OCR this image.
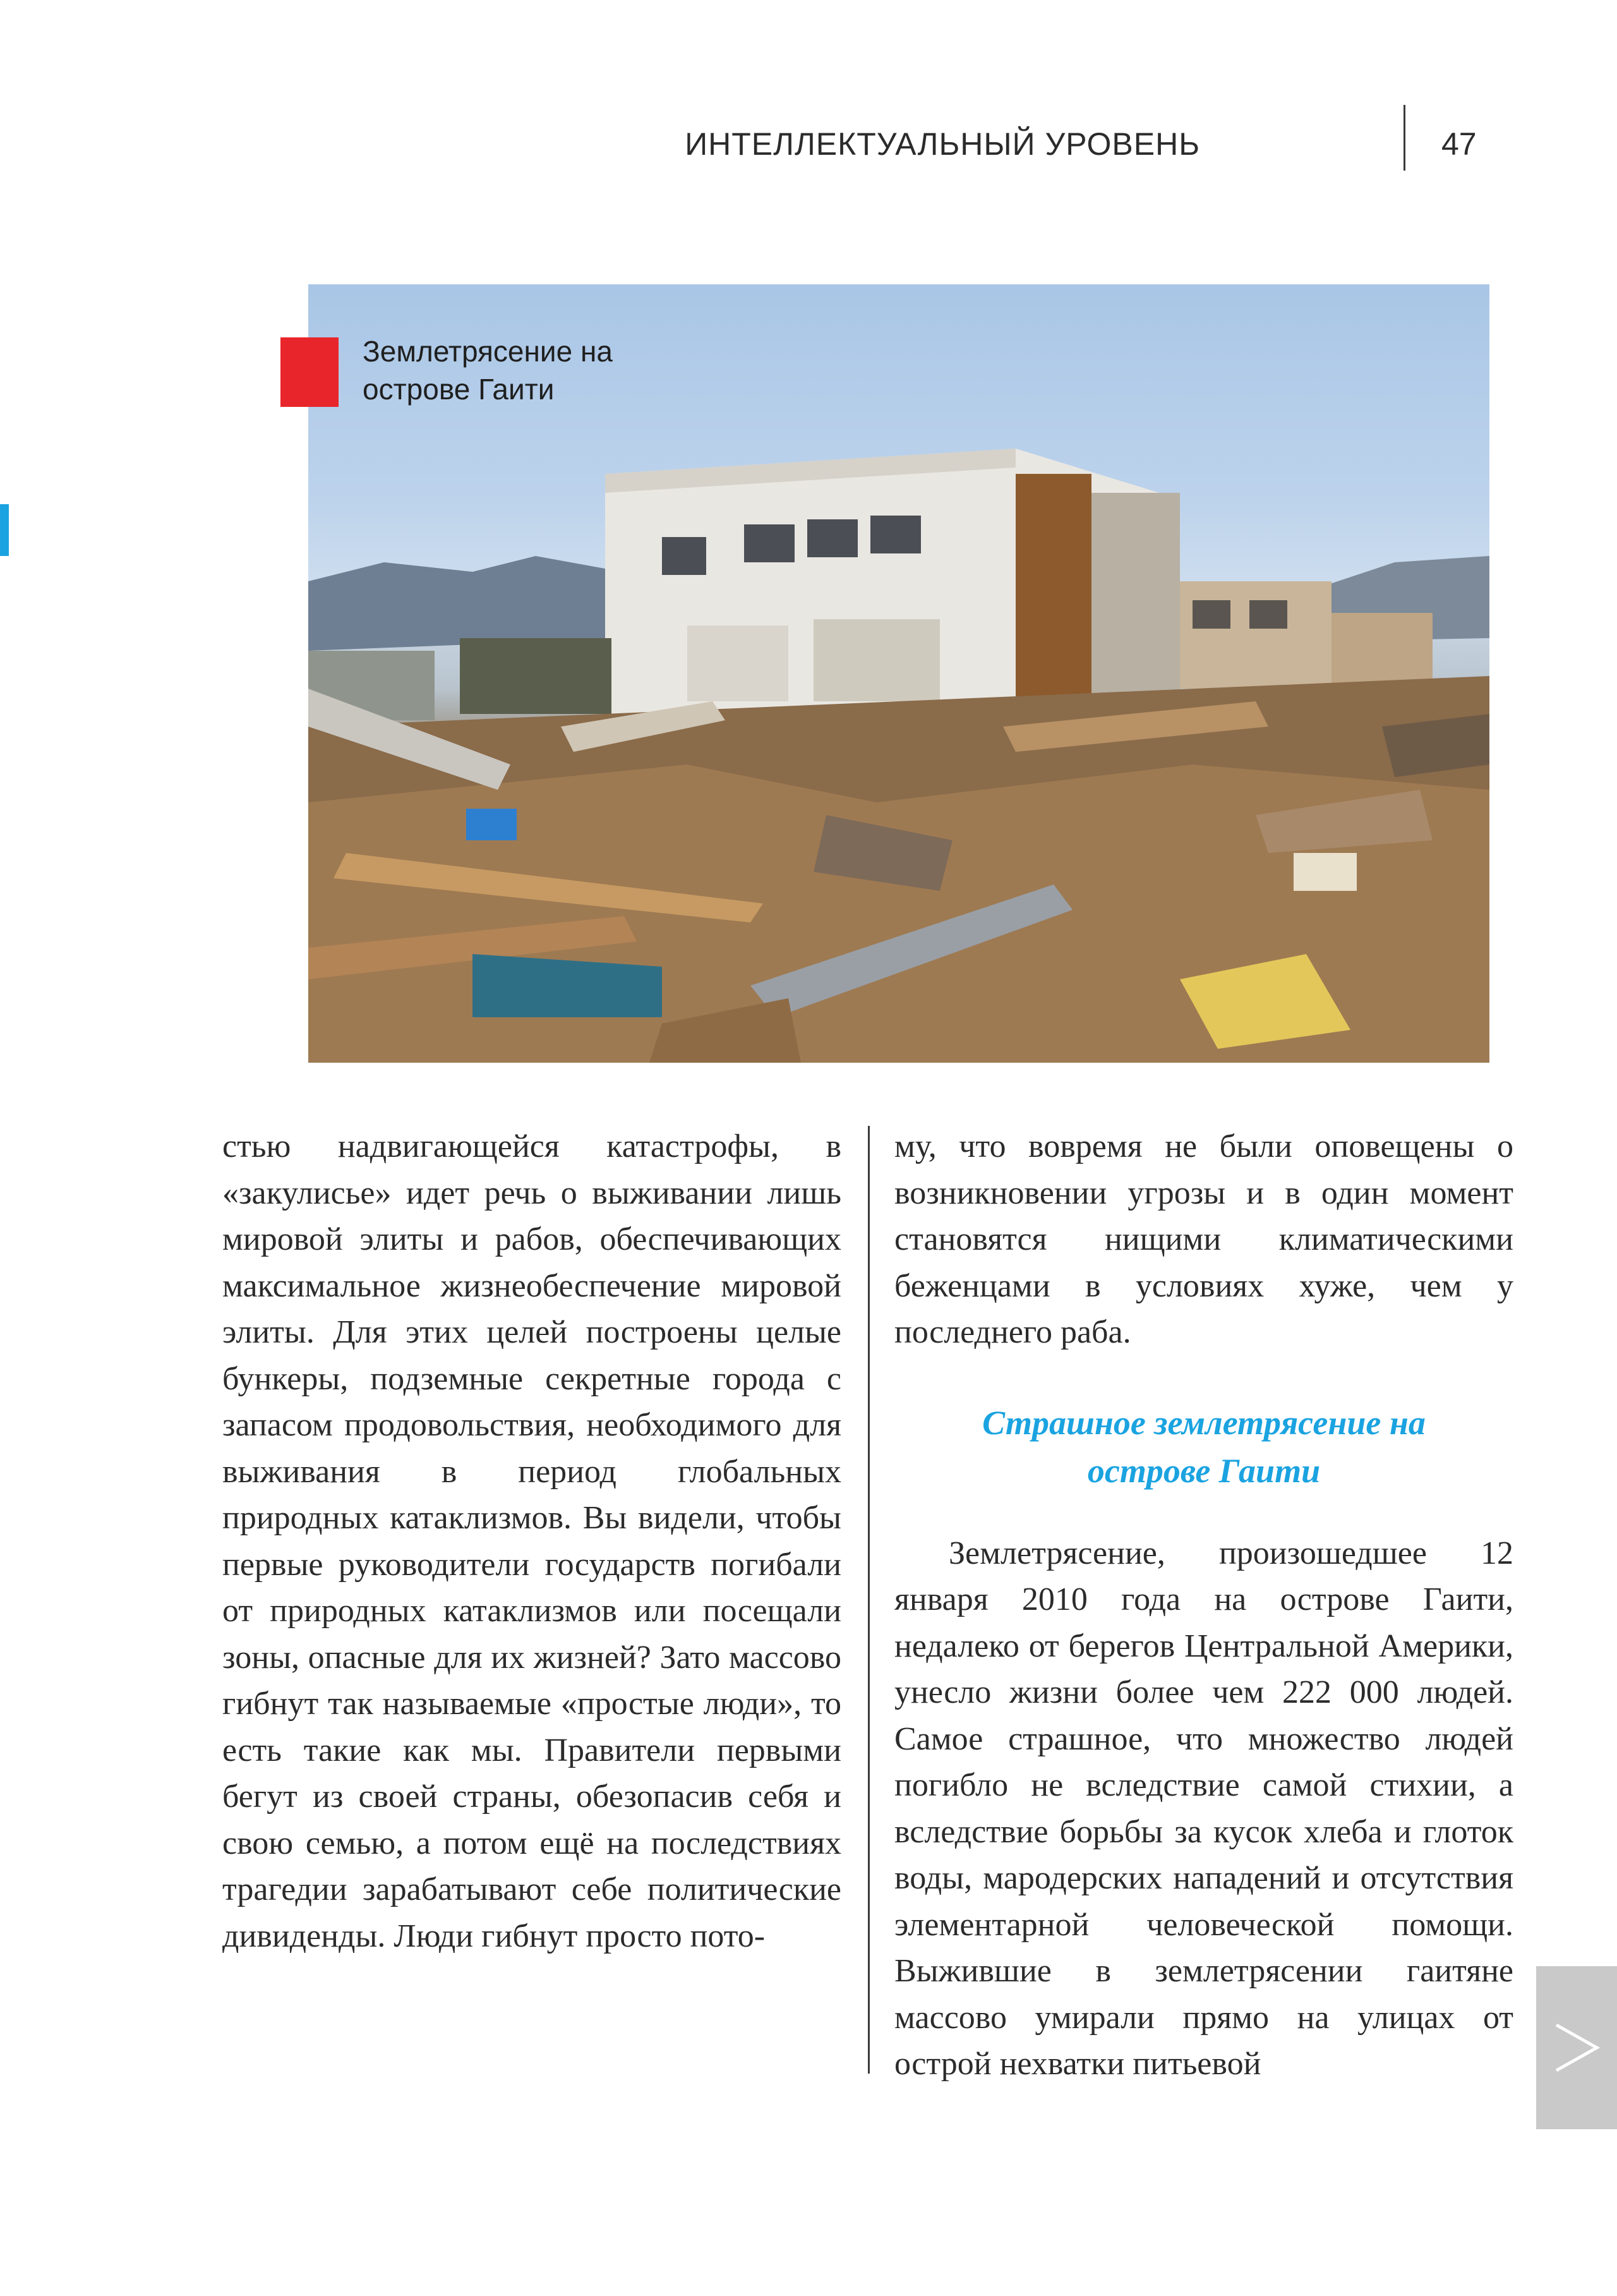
ИНТЕЛЛЕКТУАЛЬНЫЙ УРОВЕНЬ	47
Землетрясение на
острове Гаити

стью надвигающейся катастрофы, в «закулисье» идет речь о выживании лишь мировой элиты и рабов, обеспечивающих максимальное жизнеобеспечение мировой элиты. Для этих целей построены целые бункеры, подземные секретные города с запасом продовольствия, необходимого для выживания в период глобальных природных катаклизмов. Вы видели, чтобы первые руководители государств погибали от природных катаклизмов или посещали зоны, опасные для их жизней? Зато массово гибнут так называемые «простые люди», то есть такие как мы. Правители первыми бегут из своей страны, обезопасив себя и свою семью, а потом ещё на последствиях трагедии зарабатывают себе политические дивиденды. Люди гибнут просто пото-

му, что вовремя не были оповещены о возникновении угрозы и в один момент становятся нищими климатическими беженцами в условиях хуже, чем у последнего раба.

Страшное землетрясение на
острове Гаити

Землетрясение, произошедшее 12 января 2010 года на острове Гаити, недалеко от берегов Центральной Америки, унесло жизни более чем 222 000 людей. Самое страшное, что множество людей погибло не вследствие самой стихии, а вследствие борьбы за кусок хлеба и глоток воды, мародерских нападений и отсутствия элементарной человеческой помощи. Выжившие в землетрясении гаитяне массово умирали прямо на улицах от острой нехватки питьевой
